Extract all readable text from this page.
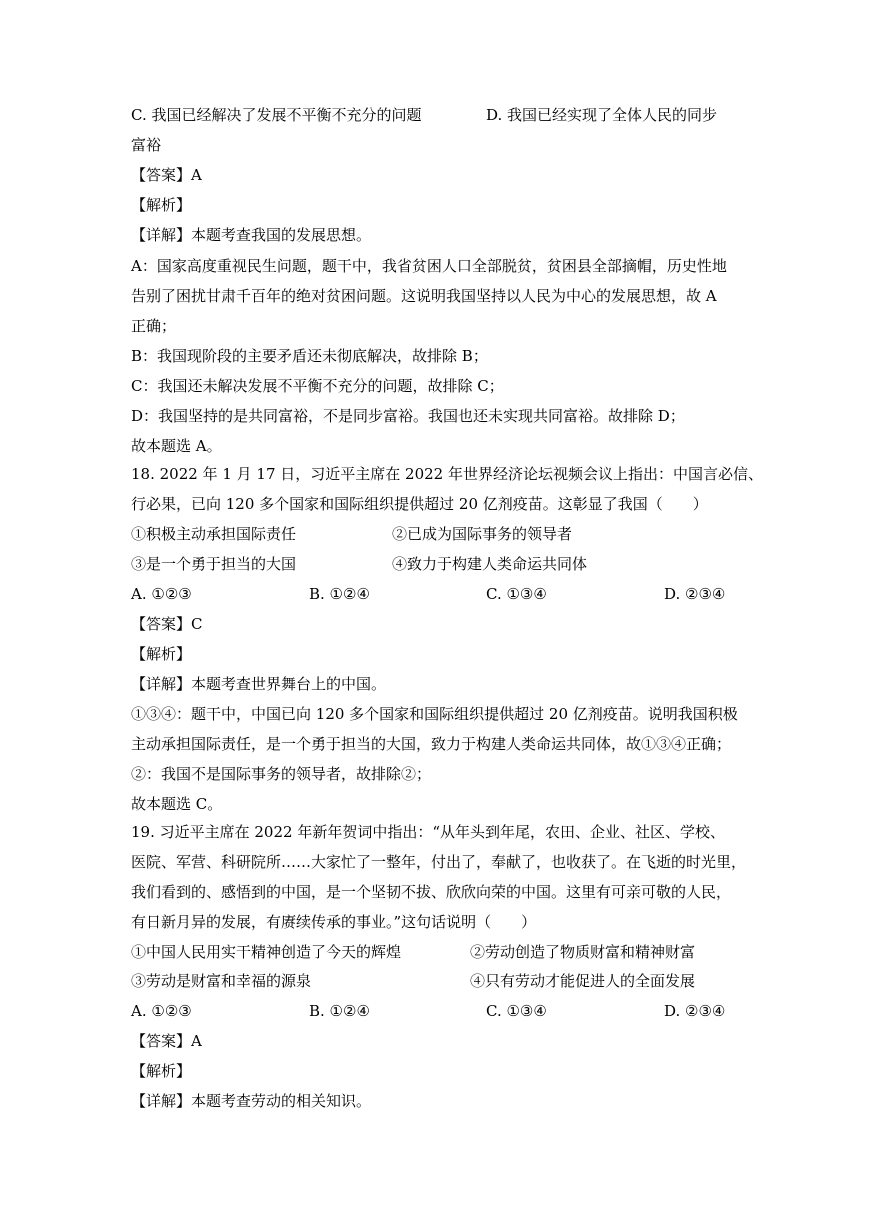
C. 我国已经解决了发展不平衡不充分的问题	D. 我国已经实现了全体人民的同步
富裕
【答案】A
【解析】
【详解】本题考查我国的发展思想。
A：国家高度重视民生问题，题干中，我省贫困人口全部脱贫，贫困县全部摘帽，历史性地
告别了困扰甘肃千百年的绝对贫困问题。这说明我国坚持以人民为中心的发展思想，故 A
正确；
B：我国现阶段的主要矛盾还未彻底解决，故排除 B；
C：我国还未解决发展不平衡不充分的问题，故排除 C；
D：我国坚持的是共同富裕，不是同步富裕。我国也还未实现共同富裕。故排除 D；
故本题选 A。
18. 2022 年 1 月 17 日，习近平主席在 2022 年世界经济论坛视频会议上指出：中国言必信、
行必果，已向 120 多个国家和国际组织提供超过 20 亿剂疫苗。这彰显了我国（　　）
①积极主动承担国际责任	②已成为国际事务的领导者
③是一个勇于担当的大国	④致力于构建人类命运共同体
A. ①②③	B. ①②④	C. ①③④	D. ②③④
【答案】C
【解析】
【详解】本题考查世界舞台上的中国。
①③④：题干中，中国已向 120 多个国家和国际组织提供超过 20 亿剂疫苗。说明我国积极
主动承担国际责任，是一个勇于担当的大国，致力于构建人类命运共同体，故①③④正确；
②：我国不是国际事务的领导者，故排除②；
故本题选 C。
19. 习近平主席在 2022 年新年贺词中指出：“从年头到年尾，农田、企业、社区、学校、
医院、军营、科研院所……大家忙了一整年，付出了，奉献了，也收获了。在飞逝的时光里，
我们看到的、感悟到的中国，是一个坚韧不拔、欣欣向荣的中国。这里有可亲可敬的人民，
有日新月异的发展，有赓续传承的事业。”这句话说明（　　）
①中国人民用实干精神创造了今天的辉煌	②劳动创造了物质财富和精神财富
③劳动是财富和幸福的源泉	④只有劳动才能促进人的全面发展
A. ①②③	B. ①②④	C. ①③④	D. ②③④
【答案】A
【解析】
【详解】本题考查劳动的相关知识。
